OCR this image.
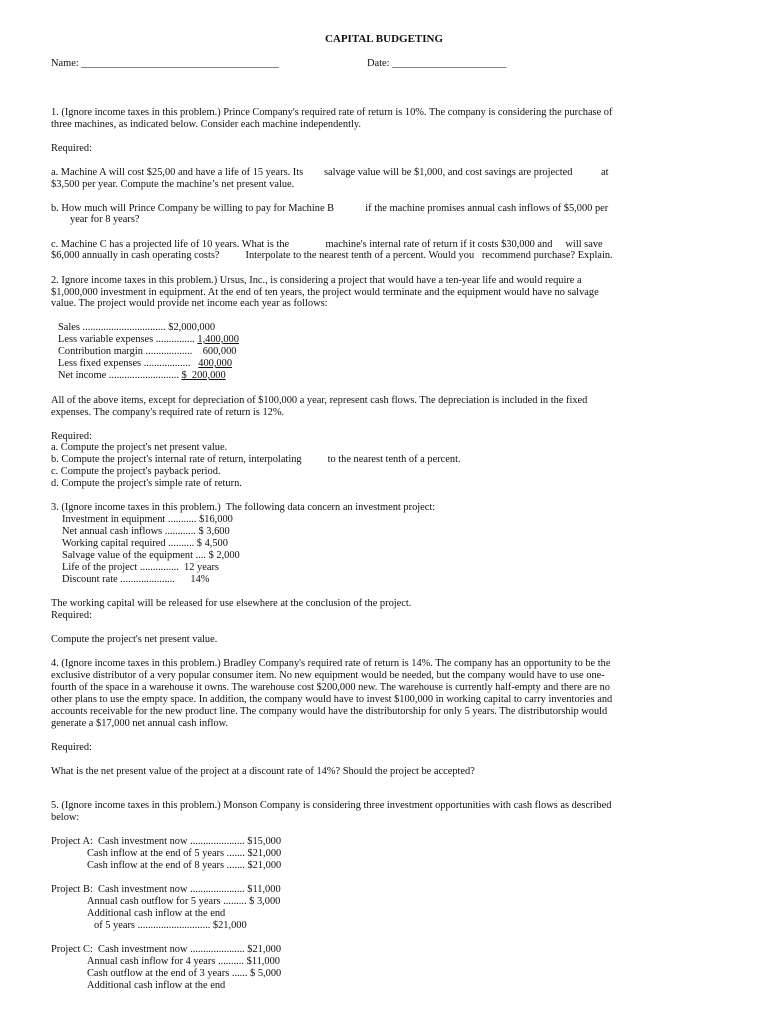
CAPITAL BUDGETING
Name: ______________________________________	Date: ______________________
1. (Ignore income taxes in this problem.) Prince Company's required rate of return is 10%. The company is considering the purchase of
three machines, as indicated below. Consider each machine independently.
Required:
a. Machine A will cost $25,00 and have a life of 15 years. Its        salvage value will be $1,000, and cost savings are projected           at
$3,500 per year. Compute the machine’s net present value.
b. How much will Prince Company be willing to pay for Machine B            if the machine promises annual cash inflows of $5,000 per
year for 8 years?
c. Machine C has a projected life of 10 years. What is the              machine's internal rate of return if it costs $30,000 and     will save
$6,000 annually in cash operating costs?          Interpolate to the nearest tenth of a percent. Would you   recommend purchase? Explain.
2. Ignore income taxes in this problem.) Ursus, Inc., is considering a project that would have a ten-year life and would require a
$1,000,000 investment in equipment. At the end of ten years, the project would terminate and the equipment would have no salvage
value. The project would provide net income each year as follows:
Sales ................................ $2,000,000
Less variable expenses ............... 1,400,000
Contribution margin ..................    600,000
Less fixed expenses ..................   400,000
Net income ........................... $  200,000
All of the above items, except for depreciation of $100,000 a year, represent cash flows. The depreciation is included in the fixed
expenses. The company's required rate of return is 12%.
Required:
a. Compute the project's net present value.
b. Compute the project's internal rate of return, interpolating          to the nearest tenth of a percent.
c. Compute the project's payback period.
d. Compute the project's simple rate of return.
3. (Ignore income taxes in this problem.)  The following data concern an investment project:
Investment in equipment ........... $16,000
Net annual cash inflows ............ $ 3,600
Working capital required .......... $ 4,500
Salvage value of the equipment .... $ 2,000
Life of the project ...............  12 years
Discount rate .....................      14%
The working capital will be released for use elsewhere at the conclusion of the project.
Required:
Compute the project's net present value.
4. (Ignore income taxes in this problem.) Bradley Company's required rate of return is 14%. The company has an opportunity to be the
exclusive distributor of a very popular consumer item. No new equipment would be needed, but the company would have to use one-
fourth of the space in a warehouse it owns. The warehouse cost $200,000 new. The warehouse is currently half-empty and there are no
other plans to use the empty space. In addition, the company would have to invest $100,000 in working capital to carry inventories and
accounts receivable for the new product line. The company would have the distributorship for only 5 years. The distributorship would
generate a $17,000 net annual cash inflow.
Required:
What is the net present value of the project at a discount rate of 14%? Should the project be accepted?
5. (Ignore income taxes in this problem.) Monson Company is considering three investment opportunities with cash flows as described
below:
Project A:  Cash investment now ..................... $15,000
Cash inflow at the end of 5 years ....... $21,000
Cash inflow at the end of 8 years ....... $21,000
Project B:  Cash investment now ..................... $11,000
Annual cash outflow for 5 years ......... $ 3,000
Additional cash inflow at the end
of 5 years ............................ $21,000
Project C:  Cash investment now ..................... $21,000
Annual cash inflow for 4 years .......... $11,000
Cash outflow at the end of 3 years ...... $ 5,000
Additional cash inflow at the end
